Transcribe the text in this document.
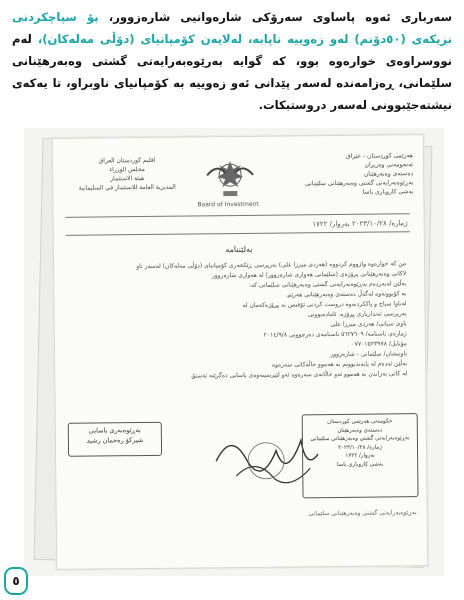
سەربارى ئەوە پاساوی سەرۆکی شارەوانیی شارەزوور، بۆ سپاچکردنی نزیکەی (٥٠دۆنم) لەو زەوییە ناپابە، لەلایەن کۆمپانیای (دۆڵی مەلەکان)، لەم نووسراوەی خوارەوە بوو، کە گوایە بەرێوەبەرایەتی گشتی وەبەرهێنانی سلێمانی، ڕەزامەندە لەسەر پێدانی ئەو زەوییە بە کۆمپانیای ناوبراو، تا یەکەی نیشتەجێبوونی لەسەر دروستبکات.
اقليم كوردستان العراق
مجلس الوزراء
هيئة الاستثمار
المديرية العامة للاستثمار في السليمانية
Board of Investment
هەرێمی کوردستان - عێراق
ئەنجومەنی وەزیران
دەستەی وەبەرهێنان
بەڕێوەبەرایەتی گشتی وەبەرهێنانی سلێمانی
بەشی کاروباری یاسا
ژمارە/ ٢٠٢٣/١٠/٢٨ بەروار/ ١٧٢٢
بەلێننامە
من که خوارەوە واژووم کردووە (هەردی میرزا علی) بەرپرسی ڕێکخەری کۆمپانیای (دۆڵی مەلەکان) لەسەر ناو
لاکانی وەبەرهێنانی پرۆژەی (سلێمانی هەواری شارەزوور) لە هەواری شارەزوور
بەڵێن لەبەردەم بەڕێوەبەرایەتی گشتی وەبەرهێنانی سلێمانی کە:
بە کۆبوونەوە لەگەڵ دەستەی وەبەرهێنانی هەرێم.
لەناوا سیاج و پاککردنەوە دروست کردنی ئۆفیس بە پڕۆژەکەمان لە
بەرپرسی ئەندازیاری پڕۆژە. ئامادەبوونی
ناوی سیانی/ هەردی میرزا علی
ژمارەی ناسنامە/ ٥٦٢٧٦٠٩ ناسنامەی دەرچوونی ٢٠١٤/٩/٨
مۆبایل/ ٠٧٧٠١٥٢٣٩٧٨
ناونیشان/ سلێمانی - شارەزوور
بەڵێن ئەدەم لە پابەندبوونم بە هەموو خاڵەکانی سەرەوە
لە کاتی بەزاندن بە هەموو ئەو خاڵانەی سەرەوە ئەو لێپرسینەوەی یاسایی دەگرێتە ئەستۆ.
بەڕێوەبەری یاسایی
شیرکۆ رەحمان رشید
حکومەتی هەرێمی کوردستان
دەستەی وەبەرهێنان
بەڕێوەبەرایەتی گشتی وەبەرهێنانی سلێمانی
ژمارە/ ٢٠٢٣/١٠/٢٨
بەروار/ ١٧٢٢
بەشی کاروباری یاسا
بەڕێوەبەرایەتی گشتی وەبەرهێنانی سلێمانی
٥
